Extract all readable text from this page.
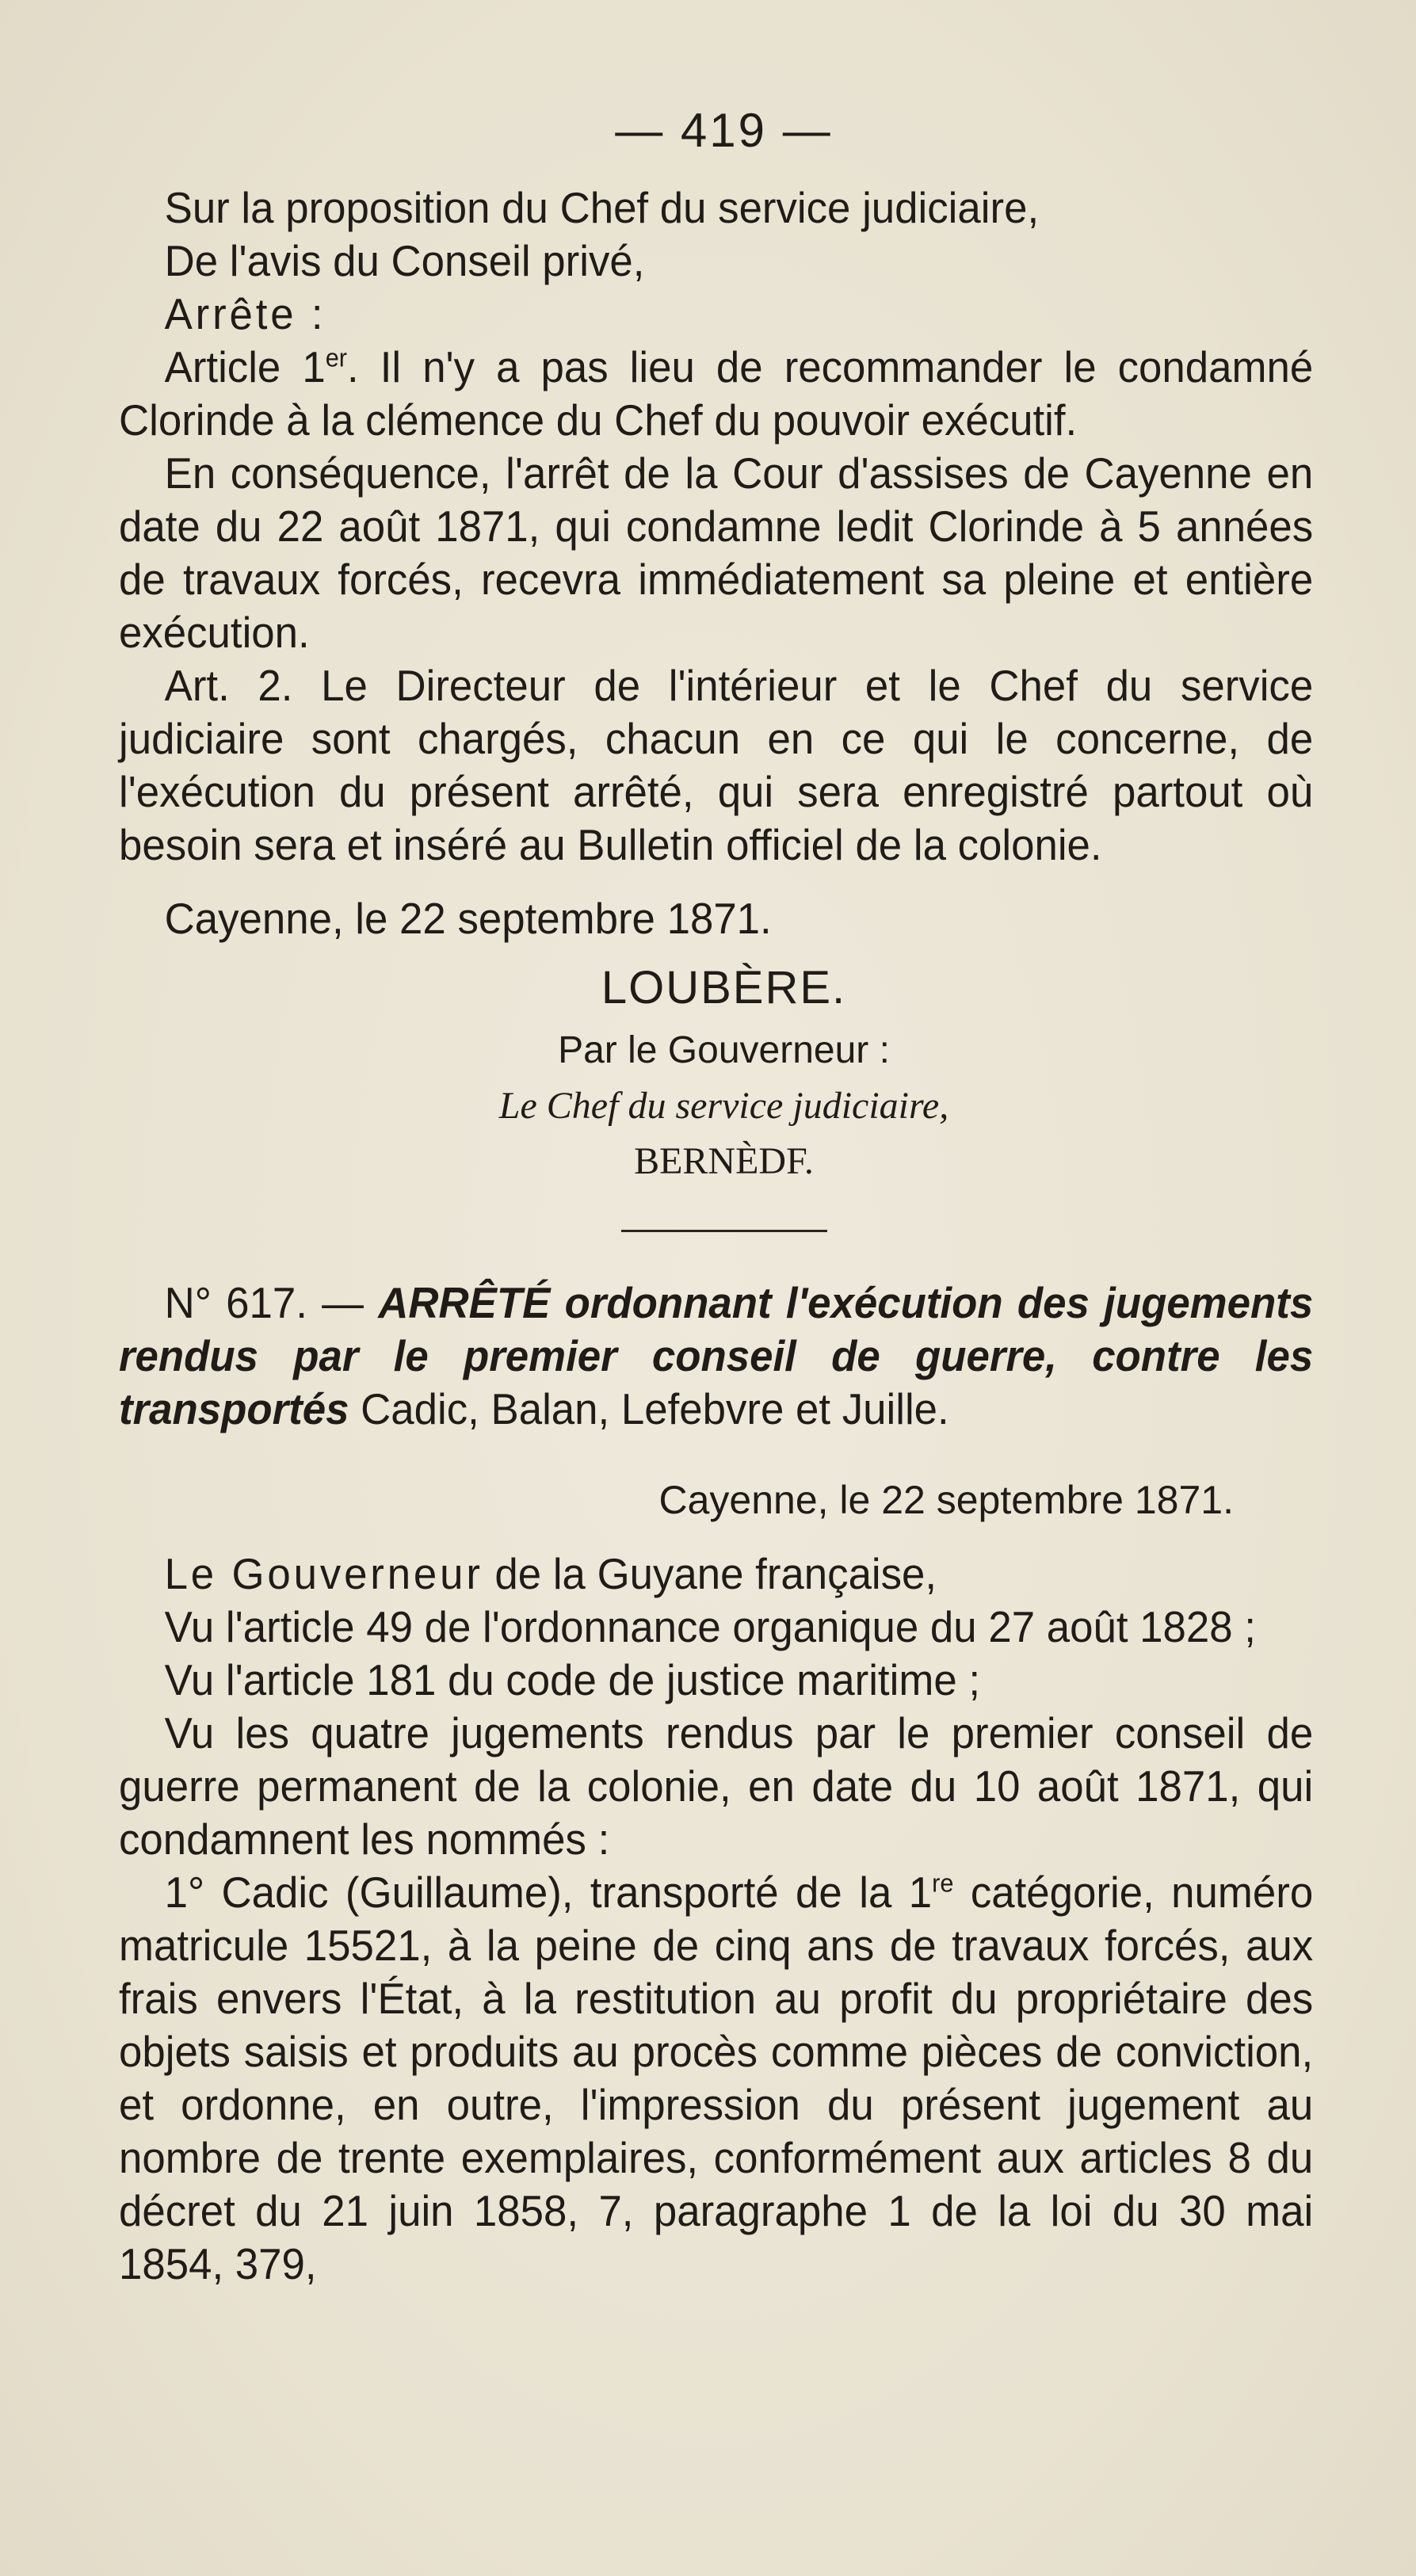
— 419 —

Sur la proposition du Chef du service judiciaire,

De l'avis du Conseil privé,

Arrête :

Article 1er. Il n'y a pas lieu de recommander le condamné Clorinde à la clémence du Chef du pouvoir exécutif.

En conséquence, l'arrêt de la Cour d'assises de Cayenne en date du 22 août 1871, qui condamne ledit Clorinde à 5 années de travaux forcés, recevra immédiatement sa pleine et entière exécution.

Art. 2. Le Directeur de l'intérieur et le Chef du service judiciaire sont chargés, chacun en ce qui le concerne, de l'exécution du présent arrêté, qui sera enregistré partout où besoin sera et inséré au Bulletin officiel de la colonie.

Cayenne, le 22 septembre 1871.

LOUBÈRE.
Par le Gouverneur :
Le Chef du service judiciaire,
BERNÈDF.

N° 617. — ARRÊTÉ ordonnant l'exécution des jugements rendus par le premier conseil de guerre, contre les transportés Cadic, Balan, Lefebvre et Juille.

Cayenne, le 22 septembre 1871.

Le Gouverneur de la Guyane française,

Vu l'article 49 de l'ordonnance organique du 27 août 1828 ;

Vu l'article 181 du code de justice maritime ;

Vu les quatre jugements rendus par le premier conseil de guerre permanent de la colonie, en date du 10 août 1871, qui condamnent les nommés :

1° Cadic (Guillaume), transporté de la 1re catégorie, numéro matricule 15521, à la peine de cinq ans de travaux forcés, aux frais envers l'État, à la restitution au profit du propriétaire des objets saisis et produits au procès comme pièces de conviction, et ordonne, en outre, l'impression du présent jugement au nombre de trente exemplaires, conformément aux articles 8 du décret du 21 juin 1858, 7, paragraphe 1 de la loi du 30 mai 1854, 379,
